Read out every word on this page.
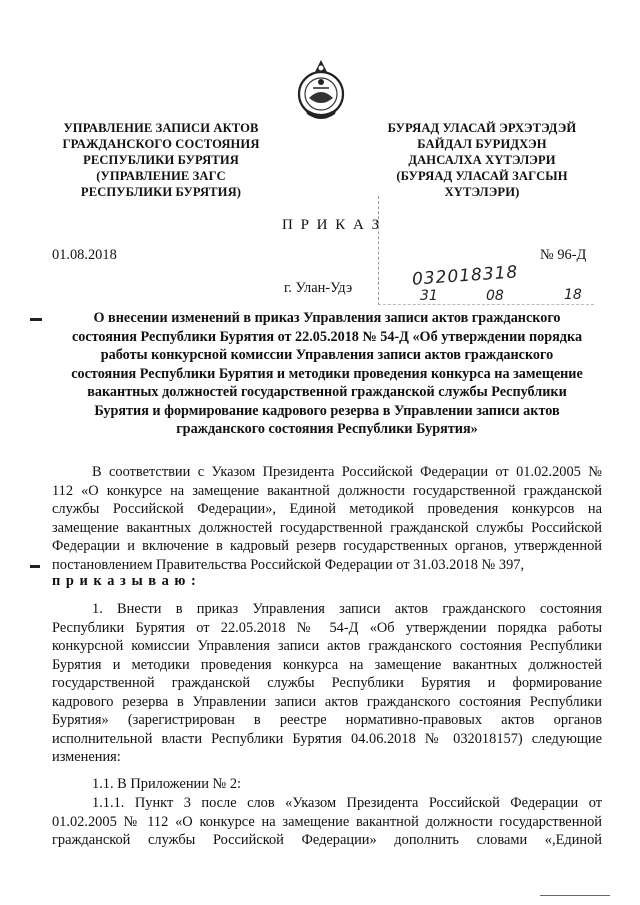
УПРАВЛЕНИЕ ЗАПИСИ АКТОВ
ГРАЖДАНСКОГО СОСТОЯНИЯ
РЕСПУБЛИКИ БУРЯТИЯ
(УПРАВЛЕНИЕ ЗАГС
РЕСПУБЛИКИ БУРЯТИЯ)
БУРЯАД УЛАСАЙ ЭРХЭТЭДЭЙ
БАЙДАЛ БУРИДХЭН
ДАНСАЛХА ХҮТЭЛЭРИ
(БУРЯАД УЛАСАЙ ЗАГСЫН
ХҮТЭЛЭРИ)
П Р И К А З
01.08.2018	№ 96-Д
г. Улан-Удэ	032018318
31	08	18
О внесении изменений в приказ Управления записи актов гражданского
состояния Республики Бурятия от 22.05.2018 № 54-Д «Об утверждении порядка
работы конкурсной комиссии Управления записи актов гражданского
состояния Республики Бурятия и методики проведения конкурса на замещение
вакантных должностей государственной гражданской службы Республики
Бурятия и формирование кадрового резерва в Управлении записи актов
гражданского состояния Республики Бурятия»
В соответствии с Указом Президента Российской Федерации от 01.02.2005 №
112 «О конкурсе на замещение вакантной должности государственной гражданской
службы Российской Федерации», Единой методикой проведения конкурсов на
замещение вакантных должностей государственной гражданской службы Российской
Федерации и включение в кадровый резерв государственных органов, утвержденной
постановлением Правительства Российской Федерации от 31.03.2018 № 397,
п р и к а з ы в а ю :
1. Внести в приказ Управления записи актов гражданского состояния
Республики Бурятия от 22.05.2018 № 54-Д «Об утверждении порядка работы
конкурсной комиссии Управления записи актов гражданского состояния Республики
Бурятия и методики проведения конкурса на замещение вакантных должностей
государственной гражданской службы Республики Бурятия и формирование
кадрового резерва в Управлении записи актов гражданского состояния Республики
Бурятия» (зарегистрирован в реестре нормативно-правовых актов органов
исполнительной власти Республики Бурятия 04.06.2018 № 032018157) следующие
изменения:
1.1. В Приложении № 2:
1.1.1. Пункт 3 после слов «Указом Президента Российской Федерации от
01.02.2005 № 112 «О конкурсе на замещение вакантной должности государственной
гражданской службы Российской Федерации» дополнить словами «,Единой
